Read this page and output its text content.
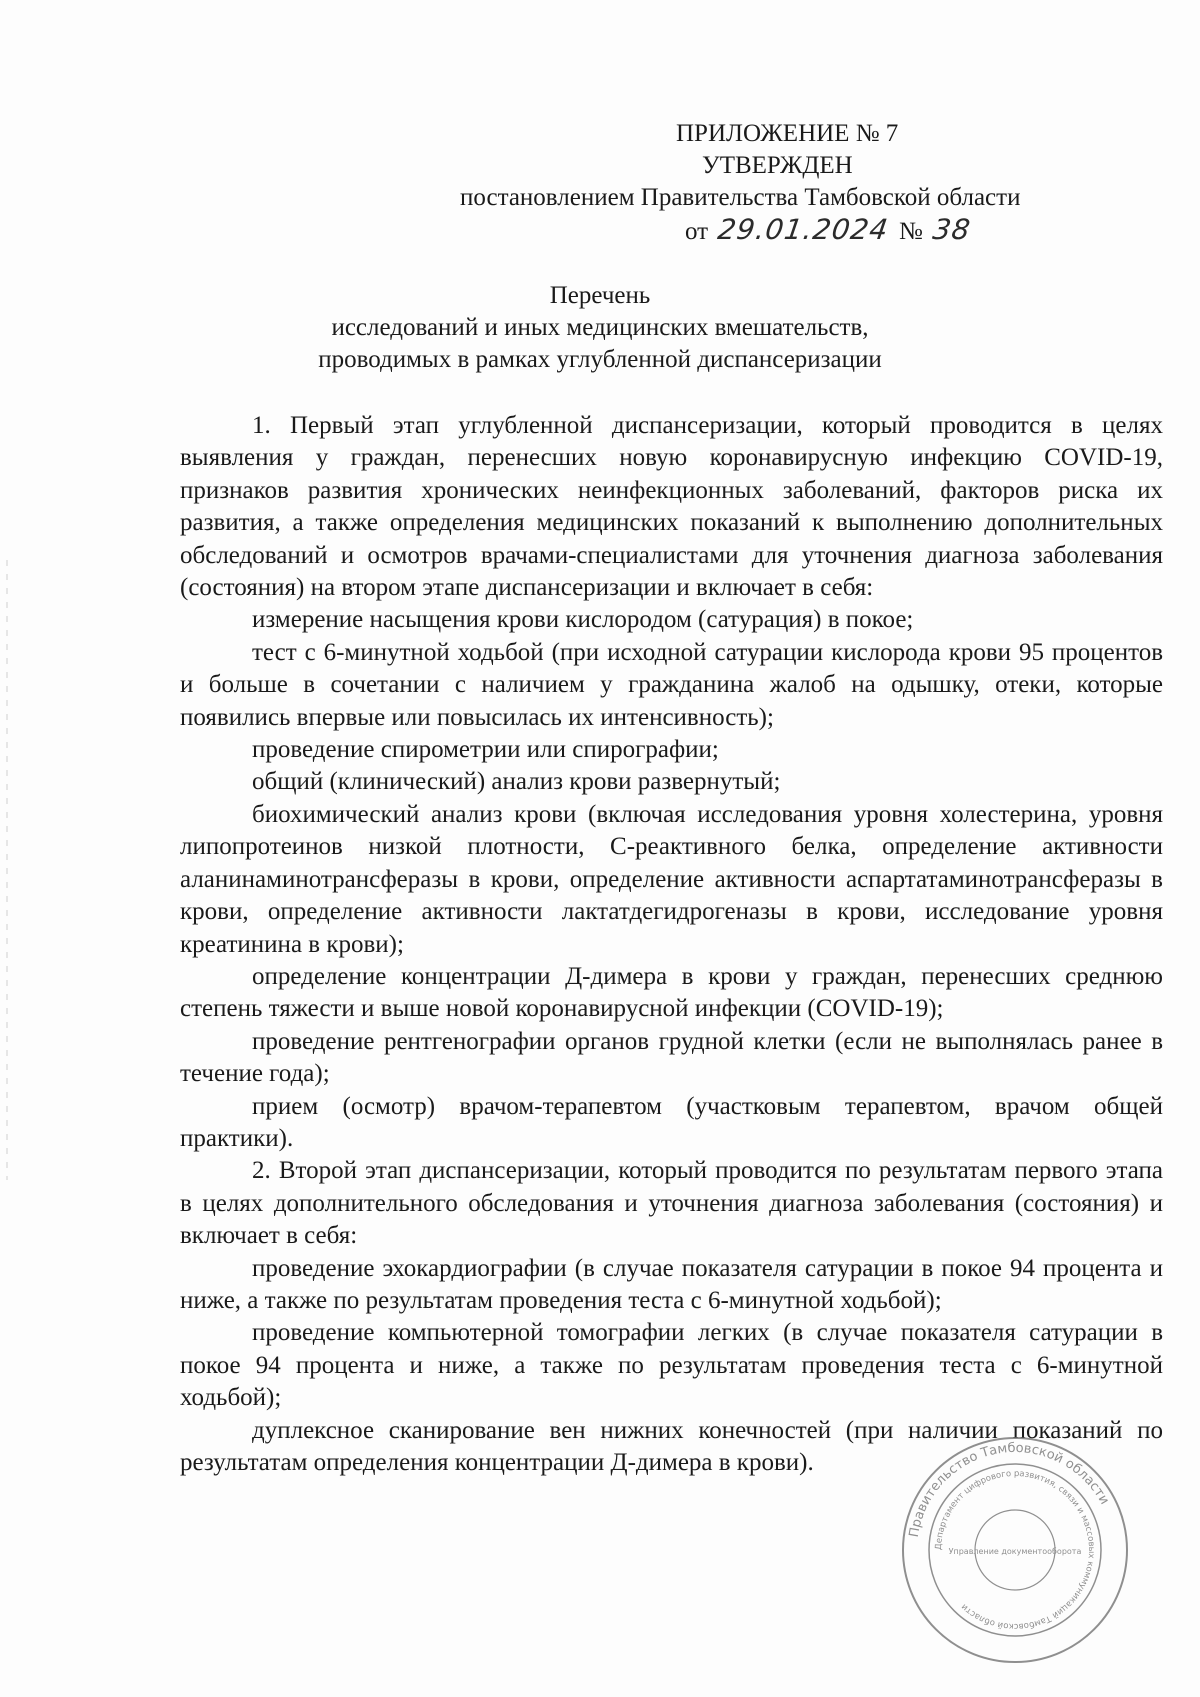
ПРИЛОЖЕНИЕ № 7
УТВЕРЖДЕН
постановлением Правительства Тамбовской области
от 29.01.2024 № 38
Перечень
исследований и иных медицинских вмешательств,
проводимых в рамках углубленной диспансеризации

1. Первый этап углубленной диспансеризации, который проводится в целях выявления у граждан, перенесших новую коронавирусную инфекцию COVID-19, признаков развития хронических неинфекционных заболеваний, факторов риска их развития, а также определения медицинских показаний к выполнению дополнительных обследований и осмотров врачами-специалистами для уточнения диагноза заболевания (состояния) на втором этапе диспансеризации и включает в себя:

измерение насыщения крови кислородом (сатурация) в покое;

тест с 6-минутной ходьбой (при исходной сатурации кислорода крови 95 процентов и больше в сочетании с наличием у гражданина жалоб на одышку, отеки, которые появились впервые или повысилась их интенсивность);

проведение спирометрии или спирографии;

общий (клинический) анализ крови развернутый;

биохимический анализ крови (включая исследования уровня холестерина, уровня липопротеинов низкой плотности, С-реактивного белка, определение активности аланинаминотрансферазы в крови, определение активности аспартатаминотрансферазы в крови, определение активности лактатдегидрогеназы в крови, исследование уровня креатинина в крови);

определение концентрации Д-димера в крови у граждан, перенесших среднюю степень тяжести и выше новой коронавирусной инфекции (COVID-19);

проведение рентгенографии органов грудной клетки (если не выполнялась ранее в течение года);

прием (осмотр) врачом-терапевтом (участковым терапевтом, врачом общей практики).

2. Второй этап диспансеризации, который проводится по результатам первого этапа в целях дополнительного обследования и уточнения диагноза заболевания (состояния) и включает в себя:

проведение эхокардиографии (в случае показателя сатурации в покое 94 процента и ниже, а также по результатам проведения теста с 6-минутной ходьбой);

проведение компьютерной томографии легких (в случае показателя сатурации в покое 94 процента и ниже, а также по результатам проведения теста с 6-минутной ходьбой);

дуплексное сканирование вен нижних конечностей (при наличии показаний по результатам определения концентрации Д-димера в крови).

Правительство Тамбовской области
Департамент цифрового развития, связи и массовых коммуникаций Тамбовской области
Управление документооборота
